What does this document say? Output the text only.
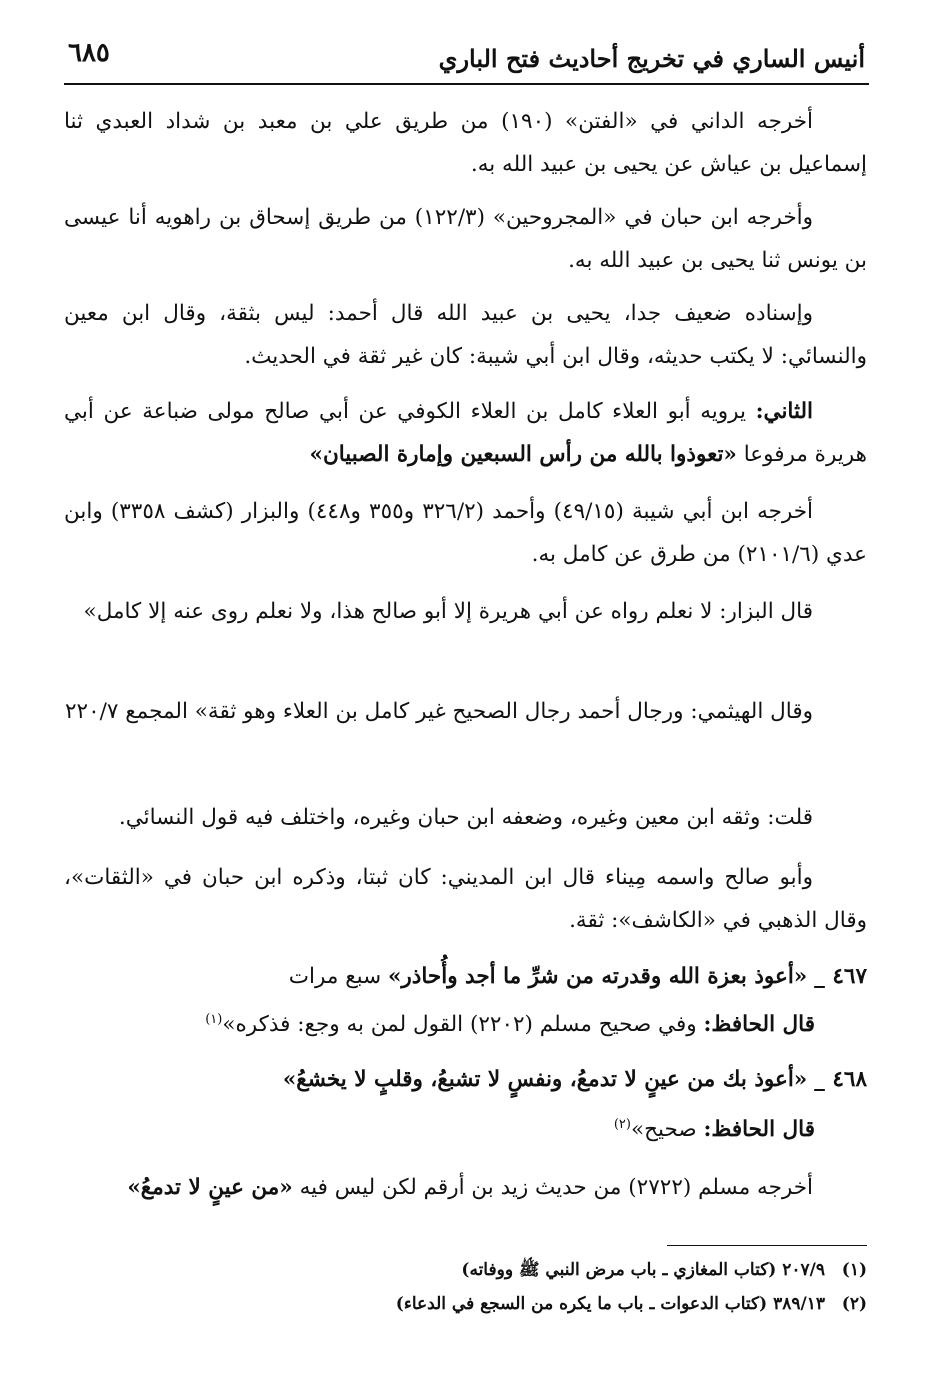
أنيس الساري في تخريج أحاديث فتح الباري
٦٨٥

أخرجه الداني في «الفتن» (١٩٠) من طريق علي بن معبد بن شداد العبدي ثنا إسماعيل بن عياش عن يحيى بن عبيد الله به.

وأخرجه ابن حبان في «المجروحين» (١٢٢/٣) من طريق إسحاق بن راهويه أنا عيسى بن يونس ثنا يحيى بن عبيد الله به.

وإسناده ضعيف جدا، يحيى بن عبيد الله قال أحمد: ليس بثقة، وقال ابن معين والنسائي: لا يكتب حديثه، وقال ابن أبي شيبة: كان غير ثقة في الحديث.

الثاني: يرويه أبو العلاء كامل بن العلاء الكوفي عن أبي صالح مولى ضباعة عن أبي هريرة مرفوعا «تعوذوا بالله من رأس السبعين وإمارة الصبيان»

أخرجه ابن أبي شيبة (٤٩/١٥) وأحمد (٣٢٦/٢ و٣٥٥ و٤٤٨) والبزار (كشف ٣٣٥٨) وابن عدي (٢١٠١/٦) من طرق عن كامل به.

قال البزار: لا نعلم رواه عن أبي هريرة إلا أبو صالح هذا، ولا نعلم روى عنه إلا كامل»

وقال الهيثمي: ورجال أحمد رجال الصحيح غير كامل بن العلاء وهو ثقة» المجمع ٢٢٠/٧

قلت: وثقه ابن معين وغيره، وضعفه ابن حبان وغيره، واختلف فيه قول النسائي.

وأبو صالح واسمه مِيناء قال ابن المديني: كان ثبتا، وذكره ابن حبان في «الثقات»، وقال الذهبي في «الكاشف»: ثقة.

٤٦٧ _ «أعوذ بعزة الله وقدرته من شرِّ ما أجد وأُحاذر» سبع مرات

قال الحافظ: وفي صحيح مسلم (٢٢٠٢) القول لمن به وجع: فذكره»$^{(١)}$

٤٦٨ _ «أعوذ بك من عينٍ لا تدمعُ، ونفسٍ لا تشبعُ، وقلبٍ لا يخشعُ»

قال الحافظ: صحيح»$^{(٢)}$

أخرجه مسلم (٢٧٢٢) من حديث زيد بن أرقم لكن ليس فيه «من عينٍ لا تدمعُ»

(١)٢٠٧/٩ (كتاب المغازي ـ باب مرض النبي ﷺ ووفاته)
(٢)٣٨٩/١٣ (كتاب الدعوات ـ باب ما يكره من السجع في الدعاء)
